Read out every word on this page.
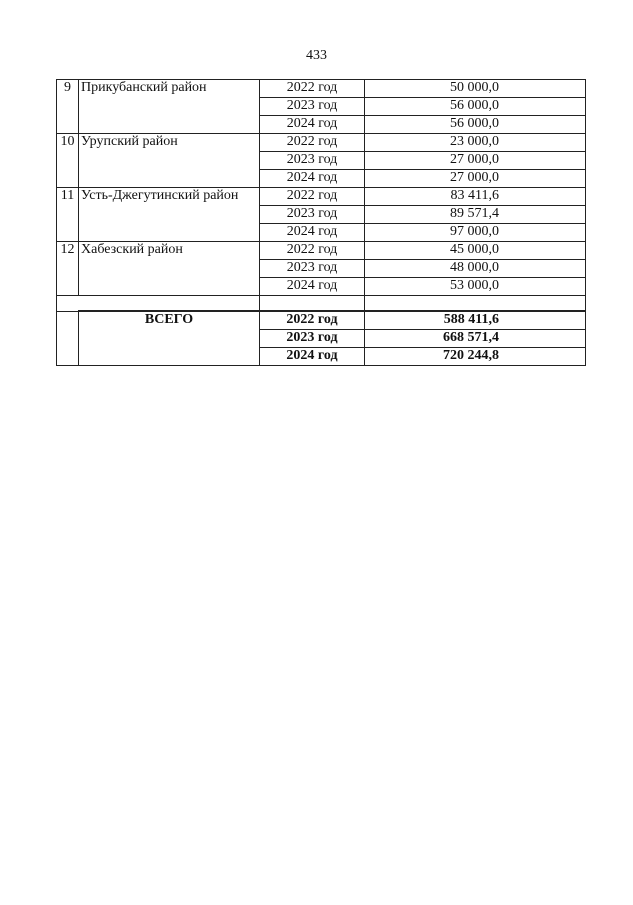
433
9	Прикубанский район	2022 год	50 000,0
		2023 год	56 000,0
		2024 год	56 000,0
10	Урупский район	2022 год	23 000,0
		2023 год	27 000,0
		2024 год	27 000,0
11	Усть-Джегутинский район	2022 год	83 411,6
		2023 год	89 571,4
		2024 год	97 000,0
12	Хабезский район	2022 год	45 000,0
		2023 год	48 000,0
		2024 год	53 000,0

	ВСЕГО	2022 год	588 411,6
		2023 год	668 571,4
		2024 год	720 244,8
